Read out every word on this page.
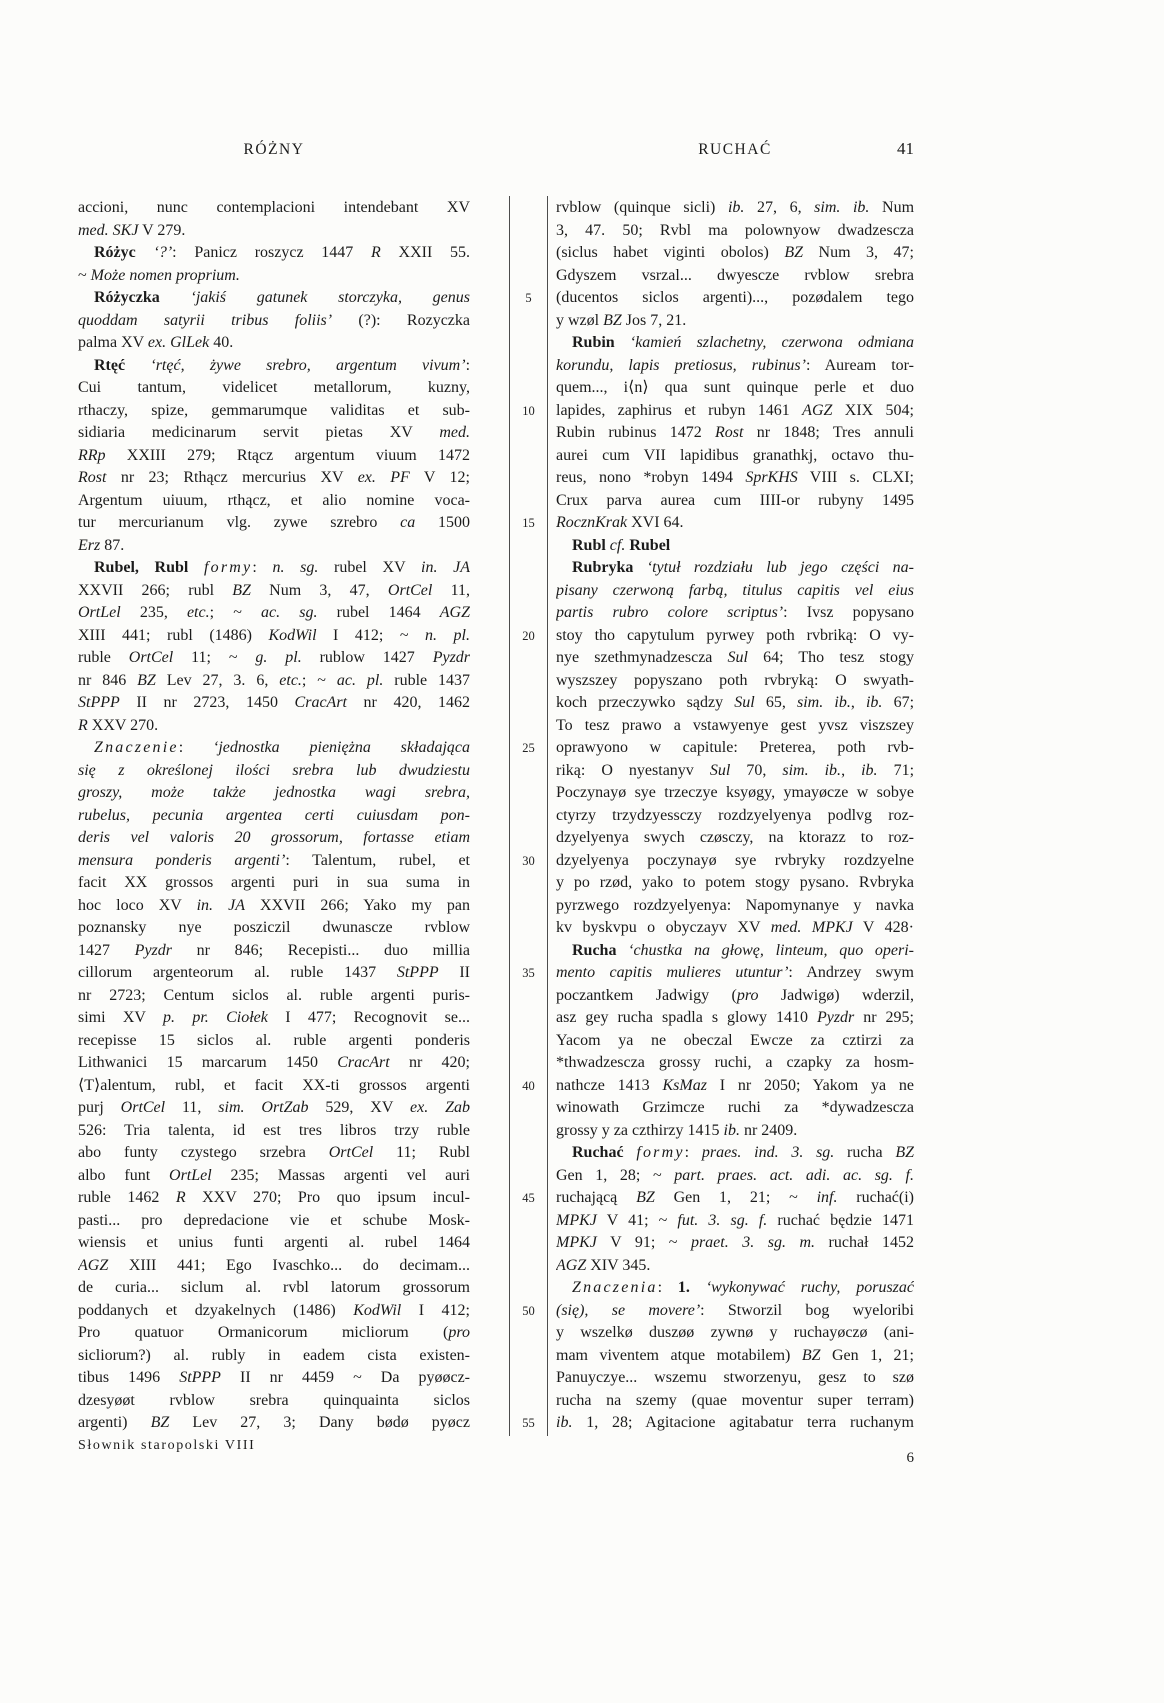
RÓŻNY	RUCHAĆ	41
accioni, nunc contemplacioni intendebant XV
med. SKJ V 279.
 Różyc ‘?’: Panicz roszycz 1447 R XXII 55.
~ Może nomen proprium.
 Różyczka ‘jakiś gatunek storczyka, genus
quoddam satyrii tribus foliis’ (?): Rozyczka
palma XV ex. GlLek 40.
 Rtęć ‘rtęć, żywe srebro, argentum vivum’:
Cui tantum, videlicet metallorum, kuzny,
rthaczy, spize, gemmarumque validitas et sub-
sidiaria medicinarum servit pietas XV med.
RRp XXIII 279; Rtącz argentum viuum 1472
Rost nr 23; Rthącz mercurius XV ex. PF V 12;
Argentum uiuum, rthącz, et alio nomine voca-
tur mercurianum vlg. zywe szrebro ca 1500
Erz 87.
 Rubel, Rubl formy: n. sg. rubel XV in. JA
XXVII 266; rubl BZ Num 3, 47, OrtCel 11,
OrtLel 235, etc.; ~ ac. sg. rubel 1464 AGZ
XIII 441; rubl (1486) KodWil I 412; ~ n. pl.
ruble OrtCel 11; ~ g. pl. rublow 1427 Pyzdr
nr 846 BZ Lev 27, 3. 6, etc.; ~ ac. pl. ruble 1437
StPPP II nr 2723, 1450 CracArt nr 420, 1462
R XXV 270.
 Znaczenie: ‘jednostka pieniężna składająca
się z określonej ilości srebra lub dwudziestu
groszy, może także jednostka wagi srebra,
rubelus, pecunia argentea certi cuiusdam pon-
deris vel valoris 20 grossorum, fortasse etiam
mensura ponderis argenti’: Talentum, rubel, et
facit XX grossos argenti puri in sua suma in
hoc loco XV in. JA XXVII 266; Yako my pan
poznansky nye posziczil dwunascze rvblow
1427 Pyzdr nr 846; Recepisti... duo millia
cillorum argenteorum al. ruble 1437 StPPP II
nr 2723; Centum siclos al. ruble argenti puris-
simi XV p. pr. Ciołek I 477; Recognovit se...
recepisse 15 siclos al. ruble argenti ponderis
Lithwanici 15 marcarum 1450 CracArt nr 420;
⟨T⟩alentum, rubl, et facit XX-ti grossos argenti
purj OrtCel 11, sim. OrtZab 529, XV ex. Zab
526: Tria talenta, id est tres libros trzy ruble
abo funty czystego srzebra OrtCel 11; Rubl
albo funt OrtLel 235; Massas argenti vel auri
ruble 1462 R XXV 270; Pro quo ipsum incul-
pasti... pro depredacione vie et schube Mosk-
wiensis et unius funti argenti al. rubel 1464
AGZ XIII 441; Ego Ivaschko... do decimam...
de curia... siclum al. rvbl latorum grossorum
poddanych et dzyakelnych (1486) KodWil I 412;
Pro quatuor Ormanicorum micliorum (pro
sicliorum?) al. rubly in eadem cista existen-
tibus 1496 StPPP II nr 4459 ~ Da pyøøcz-
dzesyøøt rvblow srebra quinquainta siclos
argenti) BZ Lev 27, 3; Dany bødø pyøcz
5
10
15
20
25
30
35
40
45
50
55
rvblow (quinque sicli) ib. 27, 6, sim. ib. Num
3, 47. 50; Rvbl ma polownyow dwadzescza
(siclus habet viginti obolos) BZ Num 3, 47;
Gdyszem vsrzal... dwyescze rvblow srebra
(ducentos siclos argenti)..., pozødalem tego
y wzøl BZ Jos 7, 21.
 Rubin ‘kamień szlachetny, czerwona odmiana
korundu, lapis pretiosus, rubinus’: Auream tor-
quem..., i⟨n⟩ qua sunt quinque perle et duo
lapides, zaphirus et rubyn 1461 AGZ XIX 504;
Rubin rubinus 1472 Rost nr 1848; Tres annuli
aurei cum VII lapidibus granathkj, octavo thu-
reus, nono *robyn 1494 SprKHS VIII s. CLXI;
Crux parva aurea cum IIII-or rubyny 1495
RocznKrak XVI 64.
 Rubl cf. Rubel
 Rubryka ‘tytuł rozdziału lub jego części na-
pisany czerwoną farbą, titulus capitis vel eius
partis rubro colore scriptus’: Ivsz popysano
stoy tho capytulum pyrwey poth rvbriką: O vy-
nye szethmynadzescza Sul 64; Tho tesz stogy
wyszszey popyszano poth rvbryką: O swyath-
koch przeczywko sądzy Sul 65, sim. ib., ib. 67;
To tesz prawo a vstawyenye gest yvsz viszszey
oprawyono w capitule: Preterea, poth rvb-
riką: O nyestanyv Sul 70, sim. ib., ib. 71;
Poczynayø sye trzeczye ksyøgy, ymayøcze w sobye
ctyrzy trzydzyessczy rozdzyelyenya podlvg roz-
dzyelyenya swych czøsczy, na ktorazz to roz-
dzyelyenya poczynayø sye rvbryky rozdzyelne
y po rzød, yako to potem stogy pysano. Rvbryka
pyrzwego rozdzyelyenya: Napomynanye y navka
kv byskvpu o obyczayv XV med. MPKJ V 428·
 Rucha ‘chustka na głowę, linteum, quo operi-
mento capitis mulieres utuntur’: Andrzey swym
poczantkem Jadwigy (pro Jadwigø) wderzil,
asz gey rucha spadla s glowy 1410 Pyzdr nr 295;
Yacom ya ne obeczal Ewcze za cztirzi za
*thwadzescza grossy ruchi, a czapky za hosm-
nathcze 1413 KsMaz I nr 2050; Yakom ya ne
winowath Grzimcze ruchi za *dywadzescza
grossy y za czthirzy 1415 ib. nr 2409.
 Ruchać formy: praes. ind. 3. sg. rucha BZ
Gen 1, 28; ~ part. praes. act. adi. ac. sg. f.
ruchającą BZ Gen 1, 21; ~ inf. ruchać(i)
MPKJ V 41; ~ fut. 3. sg. f. ruchać będzie 1471
MPKJ V 91; ~ praet. 3. sg. m. ruchał 1452
AGZ XIV 345.
 Znaczenia: 1. ‘wykonywać ruchy, poruszać
(się), se movere’: Stworzil bog wyeloribi
y wszelkø duszøø zywnø y ruchayøczø (ani-
mam viventem atque motabilem) BZ Gen 1, 21;
Panuyczye... wszemu stworzenyu, gesz to szø
rucha na szemy (quae moventur super terram)
ib. 1, 28; Agitacione agitabatur terra ruchanym
Słownik staropolski VIII
6
